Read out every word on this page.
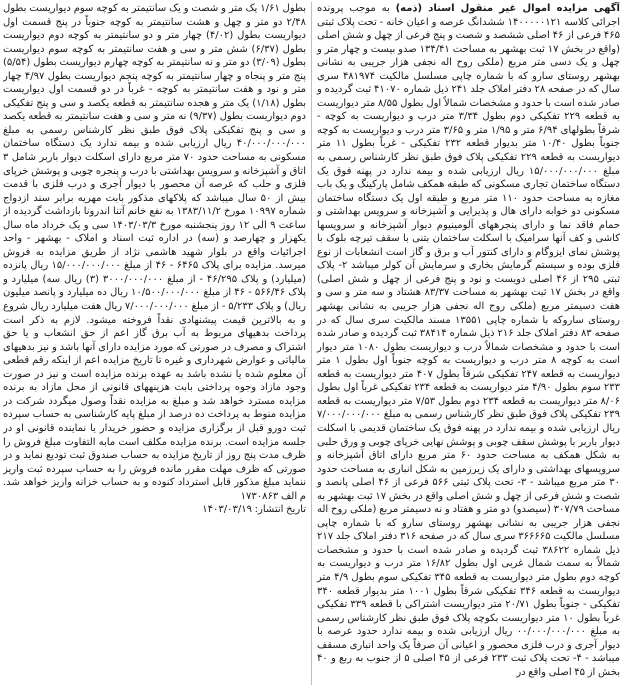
آگهی مزایده اموال غیر منقول اسناد (ذمه) به موجب پرونده اجرائی کلاسه ۱۴۰۰۰۰۰۱۲۱ ششدانگ عرصه و اعیان خانه - تحت پلاک ثبتی ۴۶۵ فرعی از ۴۶ اصلی ششصد و شصت و پنج فرعی از چهل و شش اصلی (واقع در بخش ۱۷ ثبت بهشهر به مساحت ۱۳۴/۴۱ صدو بیست و چهار متر و چهل و یک دسی متر مربع (ملکی روح اله نجفی هزار جریبی به نشانی بهشهر روستای سارو که با شماره چاپی مسلسل مالکیت ۴۸۱۹۷۴ سری سال که در صفحه ۲۸ دفتر املاک جلد ۲۴۱ ذیل شماره ۴۱۰۷۰ ثبت گردیده و صادر شده است با حدود و مشخصات شمالاً اول بطول ۸/۵۵ متر دیواریست به قطعه ۲۲۹ تفکیکی دوم بطول ۳/۳۴ متر درب و دیواریست به کوچه - شرقاً بطولهای ۶/۹۴ متر و ۱/۹۵ متر و ۳/۶۵ متر درب و دیواریست به کوچه جنوباً بطول ۱۰/۴۰ متر بدیوار قطعه ۲۳۲ تفکیکی - غرباً بطول ۱۱ متر دیواریست به قطعه ۲۲۹ تفکیکی پلاک فوق طبق نظر کارشناس رسمی به مبلغ ۱۵/۰۰۰/۰۰۰/۰۰۰ ریال ارزیابی شده و بیمه ندارد در پهنه فوق یک دستگاه ساختمان تجاری مسکونی که طبقه همکف شامل پارکینگ و یک باب مغازه به مساحت حدود ۱۱۰ متر مربع و طبقه اول یک دستگاه ساختمان مسکونی دو خوابه دارای هال و پذیرایی و آشپزخانه و سرویس بهداشتی و حمام فاقد نما و دارای پنجرههای آلومینیوم دیوار آشپزخانه و سرویسها کاشی و کف آنها سرامیک با اسکلت ساختمان بتنی با سقف تیرچه بلوک با پوشش نمای ایزوگام و دارای کنتور آب و برق و گاز است انشعابات از نوع فلزی بوده و سیستم گرمایش بخاری و سرمایش آن کولر میباشد ۲- پلاک ثبتی ۲۹۵ از ۴۶ اصلی دویست و نود و پنج فرعی از چهل و شش اصلی) واقع در بخش ۱۷ ثبت بهشهر به مساحت ۸۳/۳۷ هشتاد و سه متر و سی و هفت دسیمتر مربع (ملکی روح اله نجفی هزار جریبی به نشانی بهشهر روستای ساروکه با شماره چاپی ۱۳۵۵۱ مسند مالکیت سری سال که در صفحه ۸۳ دفتر املاک جلد ۲۱۶ ذیل شماره ۳۸۴۱۴ ثبت گردیده و صادر شده است با حدود و مشخصات شمالاً درب و دیواریست بطول ۱۰۸۰ متر دیوار است به کوچه ۸ متر درب و دیواریست به کوچه جنوباً اول بطول ۱ متر دیواریست به قطعه ۲۴۷ تفکیکی شرقاً بطول ۴۰۷ متر دیواریست به قطعه ۲۳۳ سوم بطول ۴/۹۰ متر دیواریست به قطعه ۲۳۴ تفکیکی غرباً اول بطول ۸/۰۶ متر دیواریست به قطعه ۲۳۴ دوم بطول ۷/۵۳ متر دیواریست به قطعه ۲۳۹ تفکیکی پلاک فوق طبق نظر کارشناس رسمی به مبلغ ۷/۰۰۰/۰۰۰/۰۰۰ ریال ارزیابی شده و بیمه ندارد در پهنه فوق یک ساختمان قدیمی با اسکلت دیوار باربر با پوشش سقف چوبی و پوشش نهایی خرپای چوبی و ورق حلبی به شکل همکف به مساحت حدود ۶۰ متر مربع دارای اتاق آشپزخانه و سرویسهای بهداشتی و دارای یک زیرزمین به شکل انباری به مساحت حدود ۳۰ متر مربع میباشد - ۳- تحت پلاک ثبتی ۵۶۶ فرعی از ۴۶ اصلی پانصد و شصت و شش فرعی از چهل و شش اصلی واقع در بخش ۱۷ ثبت بهشهر به مساحت ۳۰۷/۷۹ (سیصدو) دو متر و هفتاد و نه دسیمتر مربع (ملکی روح اله نجفی هزار جریبی به نشانی بهشهر روستای سارو که با شماره چاپی مسلسل مالکیت ۳۶۶۶۶۵ سری سال که در صفحه ۳۱۶ دفتر املاک جلد ۲۱۷ ذیل شماره ۳۸۶۲۲ ثبت گردیده و صادر شده است با حدود و مشخصات شمالاً به سمت شمال غربی اول بطول ۱۶/۸۲ متر درب و دیواریست به کوچه دوم بطول متر دیواریست به قطعه ۳۴۵ تفکیکی سوم بطول ۴/۹ متر دیواریست به قطعه ۳۴۶ تفکیکی شرقاً بطول ۱۰۰۱ متر بدیوار قطعه ۳۴۰ تفکیکی - جنوباً بطول ۲۰/۷۱ متر دیواریست اشتراکی با قطعه ۳۳۹ تفکیکی غرباً بطول ۱۰ متر دیواریست بکوچه پلاک فوق طبق نظر کارشناس رسمی به مبلغ ۰۰/۰۰۰/۰۰۰/۰۰۰ ریال ارزیابی شده و بیمه ندارد حدود عرصه با دیوار آجری و درب فلزی محصور و اعیانی آن صرفاً یک واحد انباری مسقف میباشد - ۴- تحت پلاک ثبت ۲۳۳ فرعی از ۴۵ اصلی ۵ از جنوب به ربع و ۴۰ بخش از ۴۵ اصلی واقع در

بطول ۱/۶۱ یک متر و شصت و یک سانتیمتر به کوچه سوم دیواریست بطول ۲/۴۸ دو متر و چهل و هشت سانتیمتر به کوچه جنوباً در پنج قسمت اول دیواریست بطول (۴/۰۲) چهار متر و دو سانتیمتر به کوچه دوم دیواریست بطول (۶/۳۷) شش متر و سی و هفت سانتیمتر به کوچه سوم دیواریست بطول (۳/۰۹) دو متر و نه سانتیمتر به کوچه چهارم دیواریست بطول (۵/۵۴) پنج متر و پنجاه و چهار سانتیمتر به کوچه پنجم دیواریست بطول ۴/۹۷ چهار متر و نود و هفت سانتیمتر به کوچه - غرباً در دو قسمت اول دیواریست بطول (۱/۱۸) یک متر و هجده سانتیمتر به قطعه یکصد و سی و پنج تفکیکی دوم دیواریست بطول (۹/۳۷) نه متر و سی و هفت سانتیمتر به قطعه یکصد و سی و پنج تفکیکی پلاک فوق طبق نظر کارشناس رسمی به مبلغ ۴۰/۰۰۰/۰۰۰/۰۰۰ ریال ارزیابی شده و بیمه ندارد یک دستگاه ساختمان مسکونی به مساحت حدود ۷۰ متر مربع دارای اسکلت دیوار باربر شامل ۳ اتاق و آشپزخانه و سرویس بهداشتی با درب و پنجره چوبی و پوشش خرپای فلزی و حلب که عرصه آن محصور با دیوار آجری و درب فلزی با قدمت بیش از ۵۰ سال میباشد که پلاکهای مذکور بابت مهریه برابر سند ازدواج شماره ۱۰۹۹۷ مورخ ۱۳۸۳/۱۱/۲ به نفع خانم آتنا اندرونا بازداشت گردیده از ساعت ۹ الی ۱۲ روز پنجشنبه مورخ ۱۴۰۳/۰۳/۳ سی و یک خرداد ماه سال یکهزار و چهارصد و (سه) در اداره ثبت اسناد و املاک - بهشهر - واحد اجرائیات واقع در بلوار شهید هاشمی نژاد از طریق مزایده به فروش میرسد. مزایده برای پلاک ۶۴۶۵ - ۴۶ از مبلغ ۱۵/۰۰۰/۰۰۰/۰۰۰ ریال پانزده (میلیارد) و پلاک ۴۶/۲۹۵ - از مبلغ ۳۰۰۰/۰۰۰/۰۰۰ (۳) ریال سه) میلیارد و پلاک ۵۶۶/۴۶ - ۴۶ از مبلغ ۱۰/۵۰۰/۰۰۰/۰۰۰ ریال ده میلیارد و پانصد میلیون ریال) و پلاک ۵/۲۳۳ - از مبلغ ۷/۰۰۰/۰۰۰/۰۰۰ ریال هفت میلیارد ریال شروع و به بالاترین قیمت پیشنهادی نقداً فروخته میشود. لازم به ذکر است پرداخت بدهیهای مربوط به آب برق گاز اعم از حق انشعاب و یا حق اشتراک و مصرف در صورتی که مورد مزایده دارای آنها باشد و نیز بدهیهای مالیاتی و عوارض شهرداری و غیره تا تاریخ مزایده اعم از اینکه رقم قطعی آن معلوم شده یا نشده باشد به عهده برنده مزایده است و نیز در صورت وجود مازاد وجوه پرداختی بابت هزینههای قانونی از محل مازاد به برنده مزایده مسترد خواهد شد و مبلغ به مزایده نقداً وصول میگردد شرکت در مزایده منوط به پرداخت ده درصد از مبلغ پایه کارشناسی به حساب سپرده ثبت دورو قبل از برگزاری مزایده و حضور خریدار یا نماینده قانونی او در جلسه مزایده است. برنده مزایده مکلف است مابه التفاوت مبلغ فروش را ظرف مدت پنج روز از تاریخ مزایده به حساب صندوق ثبت توديع نماید و در صورتی که ظرف مهلت مقرر مانده فروش را به حساب سپرده ثبت واریز ننماید مبلغ مذکور قابل استرداد کنوده و به حساب خزانه واریز خواهد شد. م الف ۱۷۳۰۸۶۳

تاریخ انتشار: ۱۴۰۳/۰۳/۱۹
